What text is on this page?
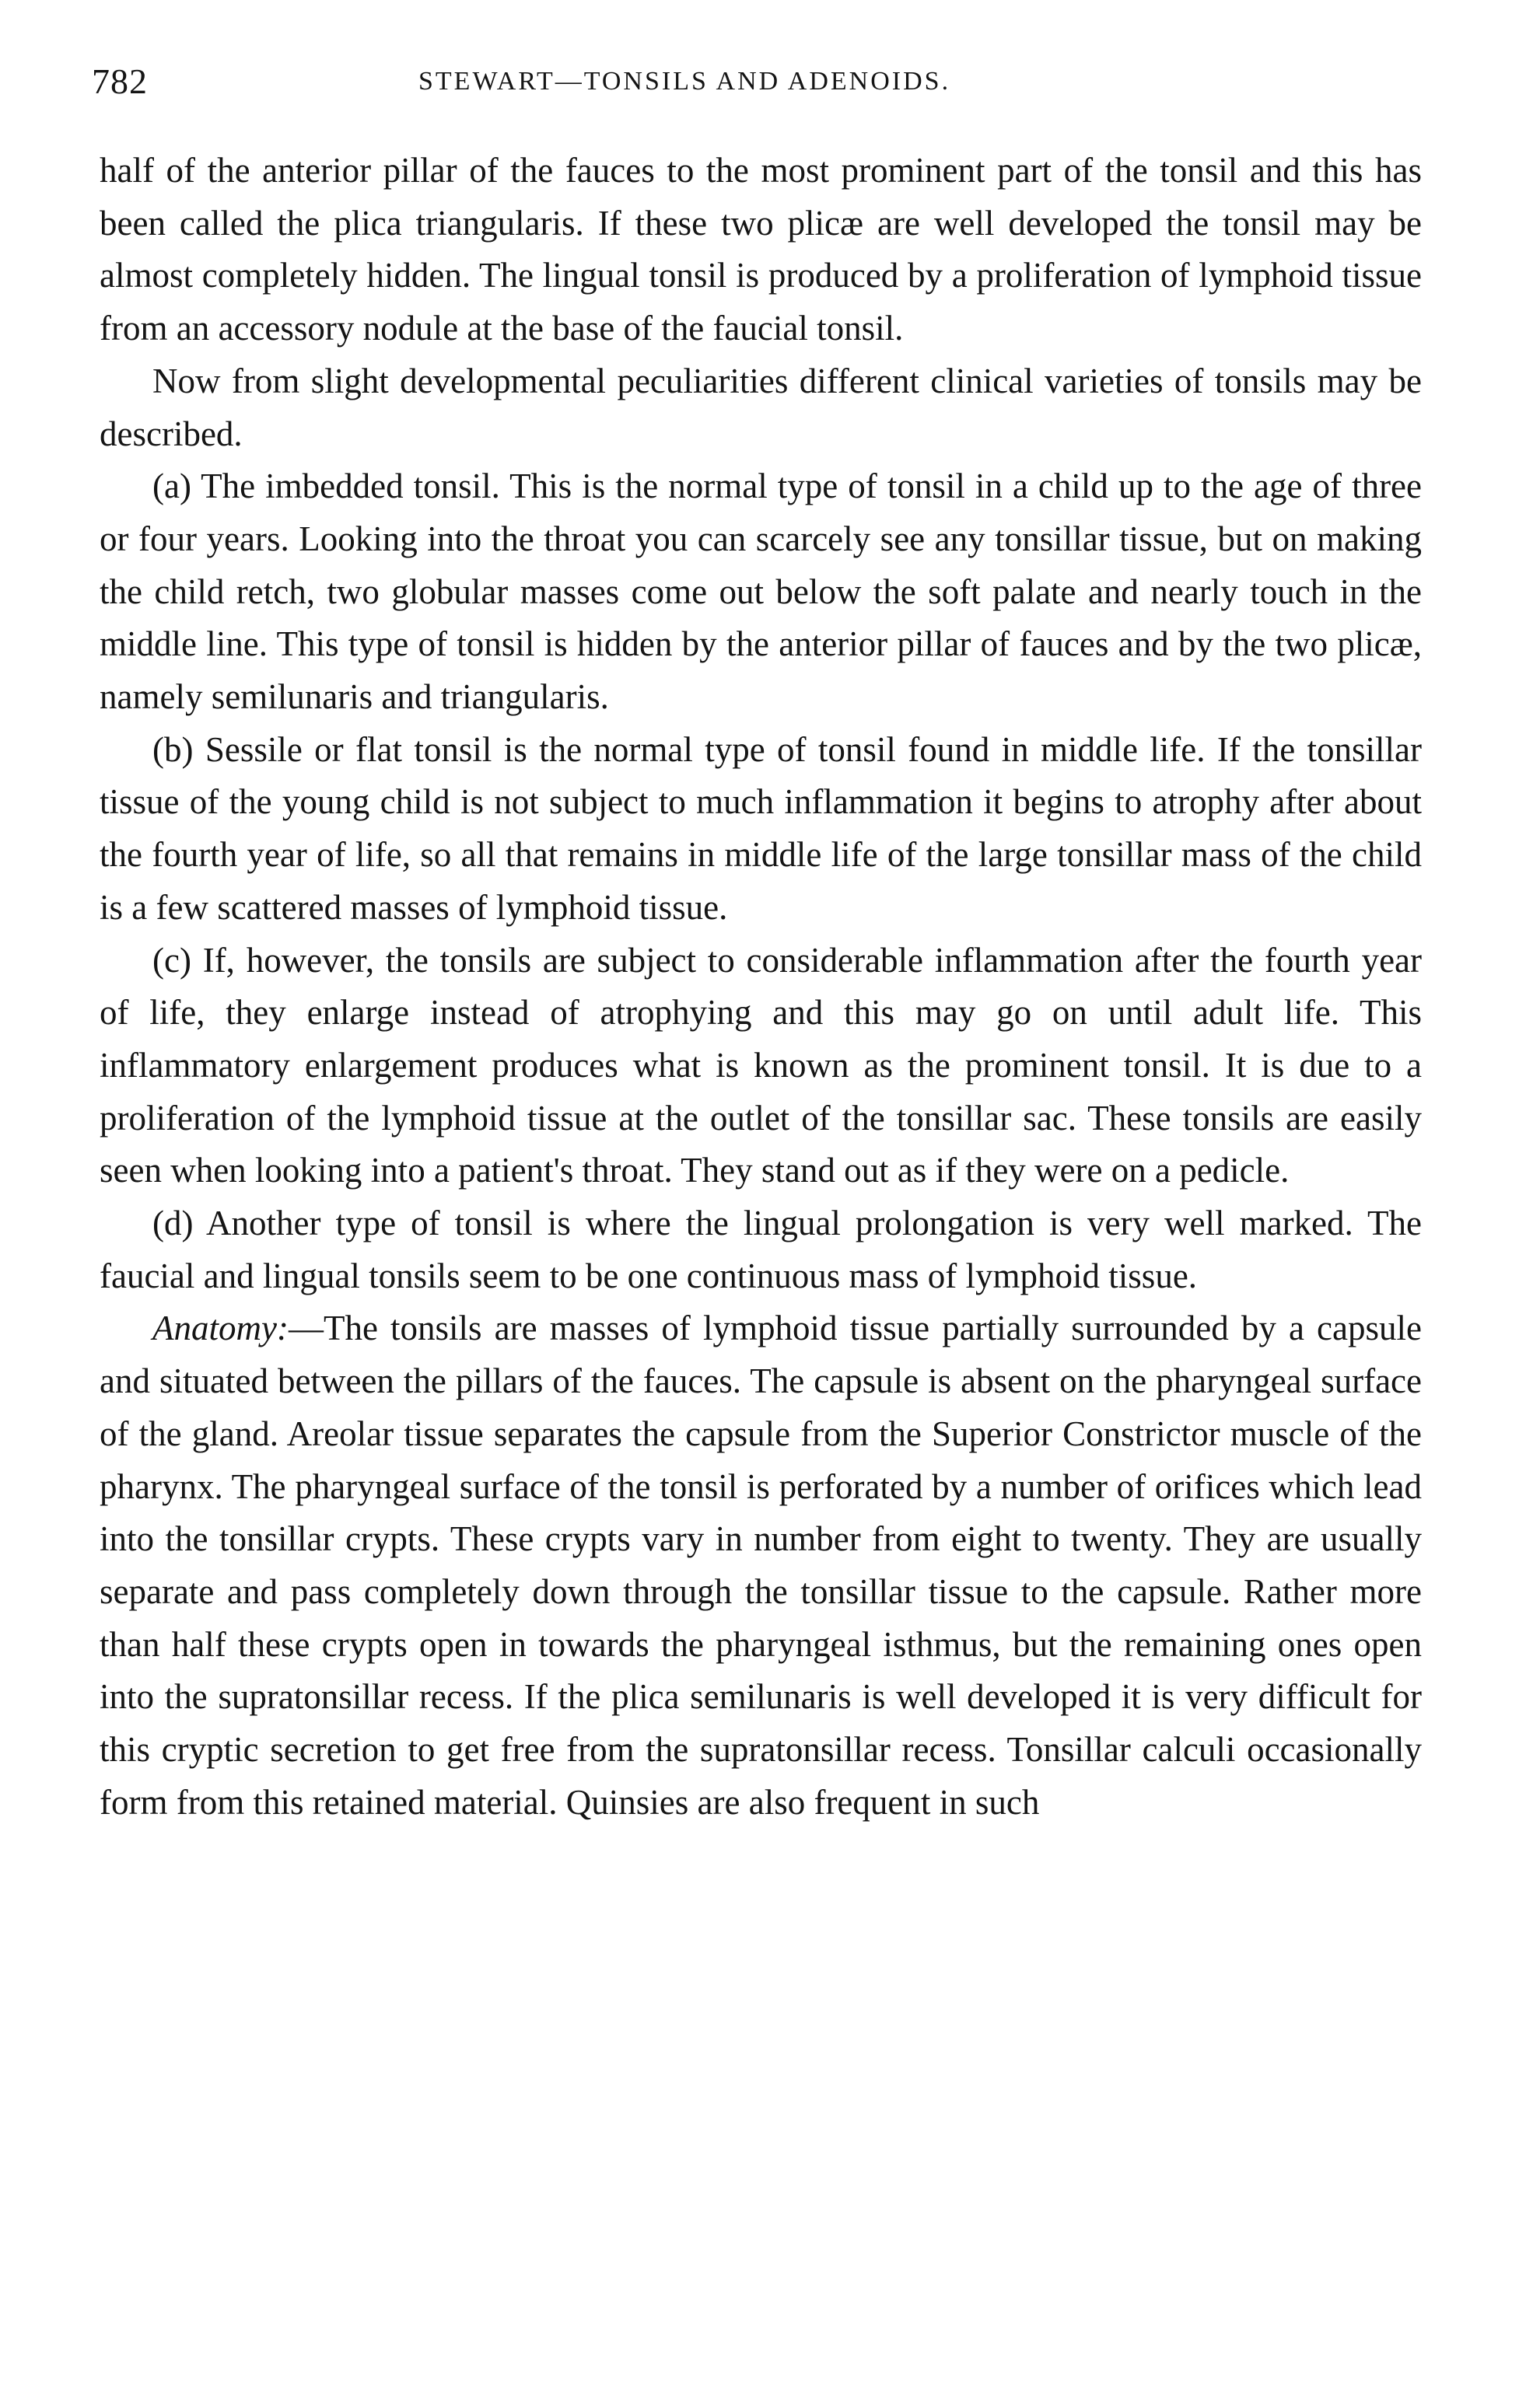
782	STEWART—TONSILS AND ADENOIDS.

half of the anterior pillar of the fauces to the most prominent part of the tonsil and this has been called the plica triangularis. If these two plicæ are well developed the tonsil may be almost completely hidden. The lingual tonsil is produced by a proliferation of lymphoid tissue from an accessory nodule at the base of the faucial tonsil.

Now from slight developmental peculiarities different clinical varieties of tonsils may be described.

(a) The imbedded tonsil. This is the normal type of tonsil in a child up to the age of three or four years. Looking into the throat you can scarcely see any tonsillar tissue, but on making the child retch, two globular masses come out below the soft palate and nearly touch in the middle line. This type of tonsil is hidden by the anterior pillar of fauces and by the two plicæ, namely semilunaris and triangularis.

(b) Sessile or flat tonsil is the normal type of tonsil found in middle life. If the tonsillar tissue of the young child is not subject to much inflammation it begins to atrophy after about the fourth year of life, so all that remains in middle life of the large tonsillar mass of the child is a few scattered masses of lymphoid tissue.

(c) If, however, the tonsils are subject to considerable inflammation after the fourth year of life, they enlarge instead of atrophying and this may go on until adult life. This inflammatory enlargement produces what is known as the prominent tonsil. It is due to a proliferation of the lymphoid tissue at the outlet of the tonsillar sac. These tonsils are easily seen when looking into a patient's throat. They stand out as if they were on a pedicle.

(d) Another type of tonsil is where the lingual prolongation is very well marked. The faucial and lingual tonsils seem to be one continuous mass of lymphoid tissue.

Anatomy:—The tonsils are masses of lymphoid tissue partially surrounded by a capsule and situated between the pillars of the fauces. The capsule is absent on the pharyngeal surface of the gland. Areolar tissue separates the capsule from the Superior Constrictor muscle of the pharynx. The pharyngeal surface of the tonsil is perforated by a number of orifices which lead into the tonsillar crypts. These crypts vary in number from eight to twenty. They are usually separate and pass completely down through the tonsillar tissue to the capsule. Rather more than half these crypts open in towards the pharyngeal isthmus, but the remaining ones open into the supratonsillar recess. If the plica semilunaris is well developed it is very difficult for this cryptic secretion to get free from the supratonsillar recess. Tonsillar calculi occasionally form from this retained material. Quinsies are also frequent in such
